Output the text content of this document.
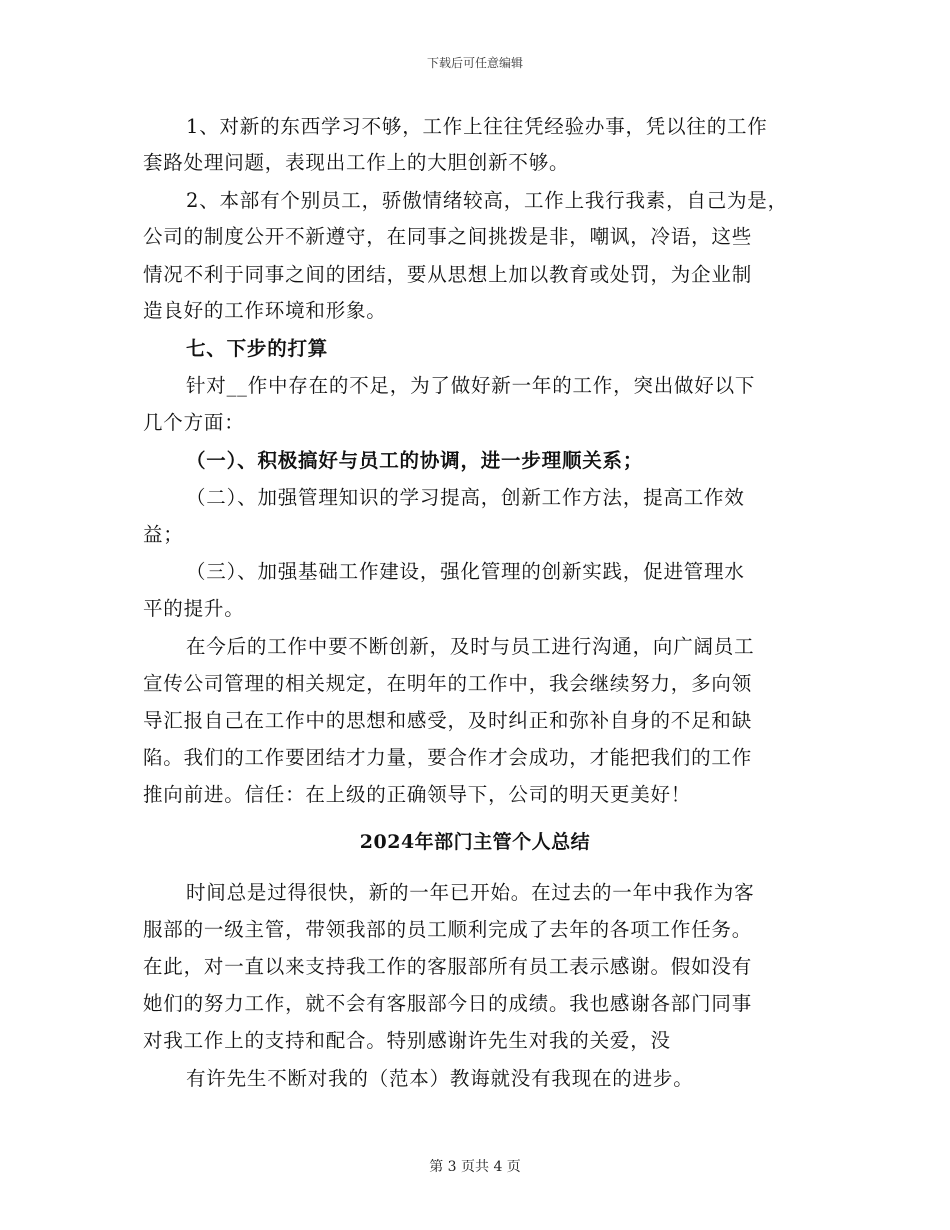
下载后可任意编辑
1、对新的东西学习不够，工作上往往凭经验办事，凭以往的工作
套路处理问题，表现出工作上的大胆创新不够。
2、本部有个别员工，骄傲情绪较高，工作上我行我素，自己为是，
公司的制度公开不新遵守，在同事之间挑拨是非，嘲讽，冷语，这些
情况不利于同事之间的团结，要从思想上加以教育或处罚，为企业制
造良好的工作环境和形象。
七、下步的打算
针对__作中存在的不足，为了做好新一年的工作，突出做好以下
几个方面：
（一）、积极搞好与员工的协调，进一步理顺关系；
（二）、加强管理知识的学习提高，创新工作方法，提高工作效
益；
（三）、加强基础工作建设，强化管理的创新实践，促进管理水
平的提升。
在今后的工作中要不断创新，及时与员工进行沟通，向广阔员工
宣传公司管理的相关规定，在明年的工作中，我会继续努力，多向领
导汇报自己在工作中的思想和感受，及时纠正和弥补自身的不足和缺
陷。我们的工作要团结才力量，要合作才会成功，才能把我们的工作
推向前进。信任：在上级的正确领导下，公司的明天更美好！
2024年部门主管个人总结
时间总是过得很快，新的一年已开始。在过去的一年中我作为客
服部的一级主管，带领我部的员工顺利完成了去年的各项工作任务。
在此，对一直以来支持我工作的客服部所有员工表示感谢。假如没有
她们的努力工作，就不会有客服部今日的成绩。我也感谢各部门同事
对我工作上的支持和配合。特别感谢许先生对我的关爱，没
有许先生不断对我的（范本）教诲就没有我现在的进步。
第 3 页共 4 页
